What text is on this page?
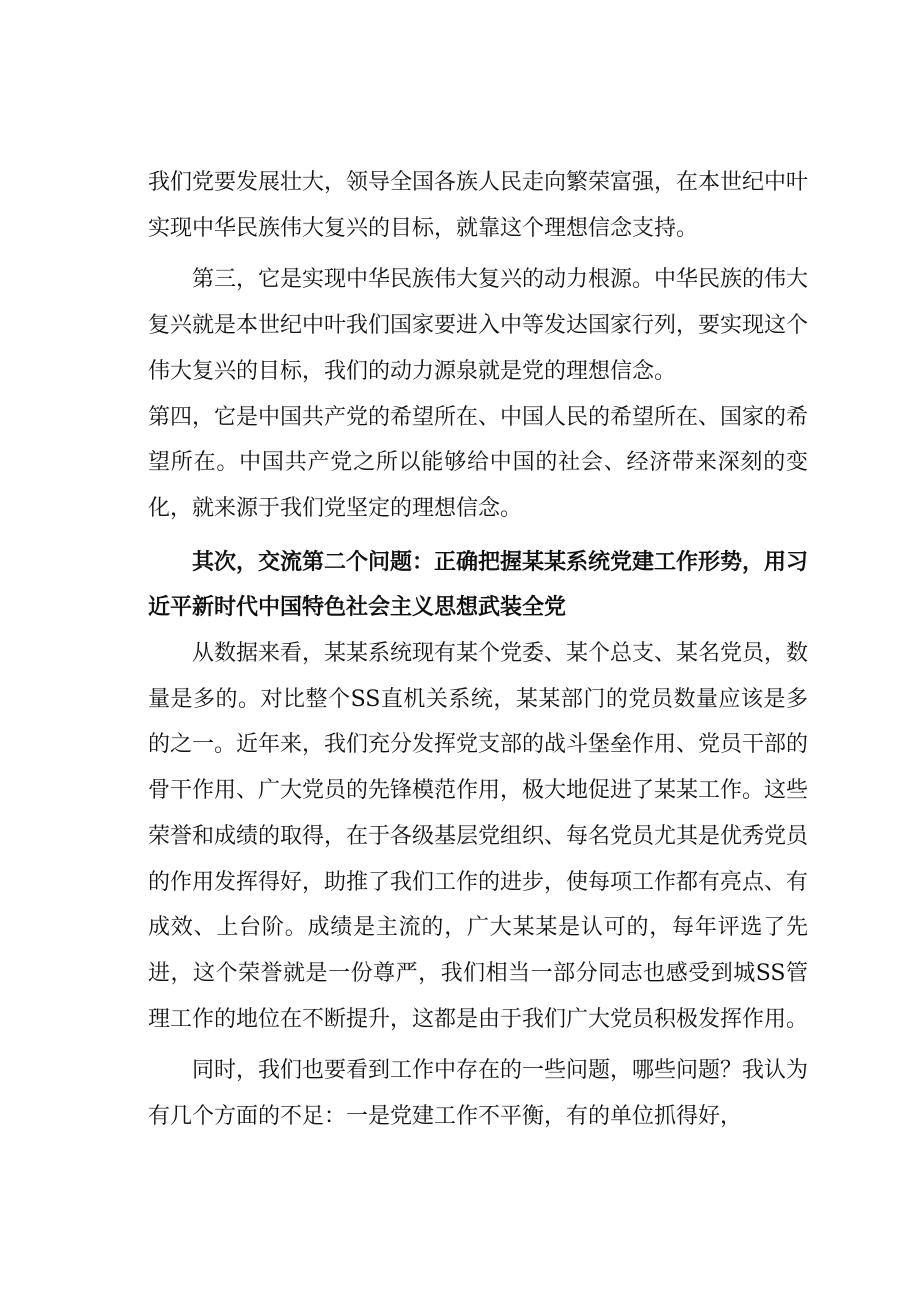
我们党要发展壮大，领导全国各族人民走向繁荣富强，在本世纪中叶实现中华民族伟大复兴的目标，就靠这个理想信念支持。

第三，它是实现中华民族伟大复兴的动力根源。中华民族的伟大复兴就是本世纪中叶我们国家要进入中等发达国家行列，要实现这个伟大复兴的目标，我们的动力源泉就是党的理想信念。

第四，它是中国共产党的希望所在、中国人民的希望所在、国家的希望所在。中国共产党之所以能够给中国的社会、经济带来深刻的变化，就来源于我们党坚定的理想信念。

其次，交流第二个问题：正确把握某某系统党建工作形势，用习近平新时代中国特色社会主义思想武装全党

从数据来看，某某系统现有某个党委、某个总支、某名党员，数量是多的。对比整个SS直机关系统，某某部门的党员数量应该是多的之一。近年来，我们充分发挥党支部的战斗堡垒作用、党员干部的骨干作用、广大党员的先锋模范作用，极大地促进了某某工作。这些荣誉和成绩的取得，在于各级基层党组织、每名党员尤其是优秀党员的作用发挥得好，助推了我们工作的进步，使每项工作都有亮点、有成效、上台阶。成绩是主流的，广大某某是认可的，每年评选了先进，这个荣誉就是一份尊严，我们相当一部分同志也感受到城SS管理工作的地位在不断提升，这都是由于我们广大党员积极发挥作用。

同时，我们也要看到工作中存在的一些问题，哪些问题？我认为有几个方面的不足：一是党建工作不平衡，有的单位抓得好，
